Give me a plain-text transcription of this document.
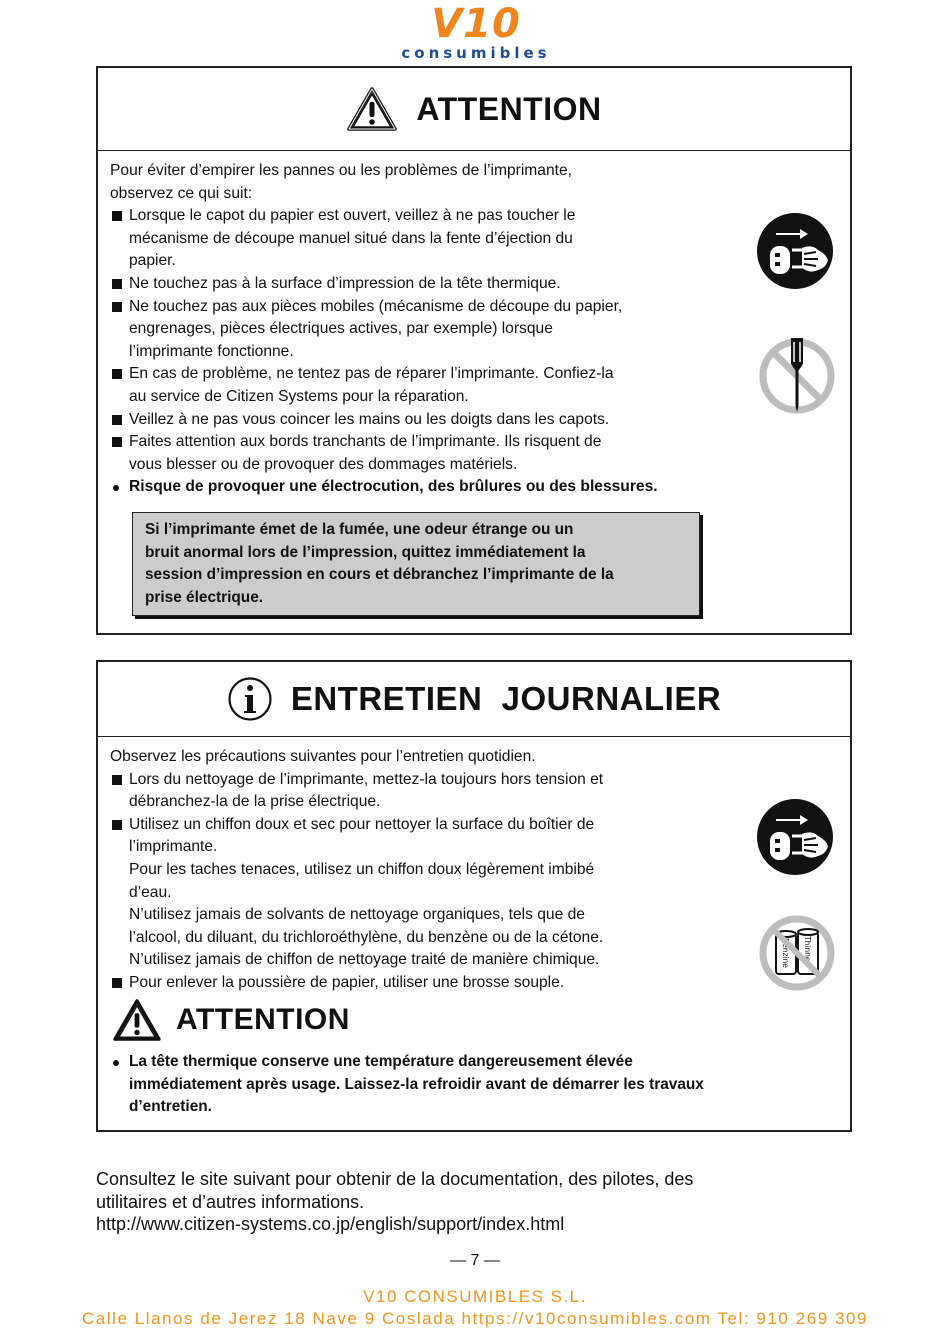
V10
consumibles
ATTENTION
Pour éviter d’empirer les pannes ou les problèmes de l’imprimante,
observez ce qui suit:
Lorsque le capot du papier est ouvert, veillez à ne pas toucher le
mécanisme de découpe manuel situé dans la fente d’éjection du
papier.
Ne touchez pas à la surface d’impression de la tête thermique.
Ne touchez pas aux pièces mobiles (mécanisme de découpe du papier,
engrenages, pièces électriques actives, par exemple) lorsque
l’imprimante fonctionne.
En cas de problème, ne tentez pas de réparer l’imprimante. Confiez-la
au service de Citizen Systems pour la réparation.
Veillez à ne pas vous coincer les mains ou les doigts dans les capots.
Faites attention aux bords tranchants de l’imprimante. Ils risquent de
vous blesser ou de provoquer des dommages matériels.
Risque de provoquer une électrocution, des brûlures ou des blessures.
Si l’imprimante émet de la fumée, une odeur étrange ou un
bruit anormal lors de l’impression, quittez immédiatement la
session d’impression en cours et débranchez l’imprimante de la
prise électrique.
ENTRETIEN  JOURNALIER
Observez les précautions suivantes pour l’entretien quotidien.
Lors du nettoyage de l’imprimante, mettez-la toujours hors tension et
débranchez-la de la prise électrique.
Utilisez un chiffon doux et sec pour nettoyer la surface du boîtier de
l’imprimante.
Pour les taches tenaces, utilisez un chiffon doux légèrement imbibé
d’eau.
N’utilisez jamais de solvants de nettoyage organiques, tels que de
l’alcool, du diluant, du trichloroéthylène, du benzène ou de la cétone.
N’utilisez jamais de chiffon de nettoyage traité de manière chimique.
Pour enlever la poussière de papier, utiliser une brosse souple.
ATTENTION
La tête thermique conserve une température dangereusement élevée
immédiatement après usage. Laissez-la refroidir avant de démarrer les travaux
d’entretien.
Benzine Thinner
Consultez le site suivant pour obtenir de la documentation, des pilotes, des
utilitaires et d’autres informations.
http://www.citizen-systems.co.jp/english/support/index.html
— 7 —
V10 CONSUMIBLES S.L.
Calle Llanos de Jerez 18 Nave 9 Coslada https://v10consumibles.com Tel: 910 269 309
